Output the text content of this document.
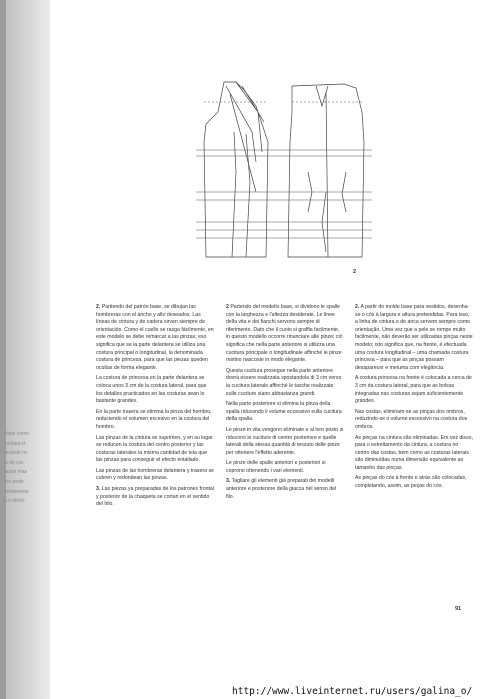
clitas como
contura d-
resante no
ia do cor-
rases mas
ere pode
antalmente
a o efeito
2

2. Partiendo del patrón base, se dibujan las hombreras con el ancho y alto deseados. Las líneas de cintura y de cadera sirven siempre de orientación. Como el cuello se rasga fácilmente, en este modelo se debe remarcar a las pinzas; eso significa que se la parte delantera se utiliza una costura principal o longitudinal, la denominada costura de princesa, para que las piezas queden ocultas de forma elegante.

La costura de princesa en la parte delantera se coloca unos 3 cm de la costura lateral, para que los detalles practicados en las costuras sean lo bastante grandes.

En la parte trasera se elimina la pinza del hombro, reduciendo el volumen excesivo en la costura del hombro.

Las pinzas de la cintura se suprimen, y en su lugar se reducen la costura del centro posterior y las costuras laterales la misma cantidad de tela que las pinzas para conseguir el efecto entallado.

Las pinzas de las hombreras delantera y trasera se cubren y redondean las pinzas.

3. Las piezas ya preparadas de los patrones frontal y posterior de la chaqueta se cortan en el sentido del hilo.

2 Partendo del modello base, si dividono le spalle con la larghezza e l'altezza desiderate. Le linee della vita e dei fianchi servono sempre di riferimento. Dato che il cuoio si graffia facilmente, in questo modello occorre rinunciare alle pinze; ciò significa che nella parte anteriore si utilizza una cucitura principale o longitudinale affinché le pinze restino nascoste in modo elegante.

Questa cucitura prosegue nella parte anteriore dovrà essere realizzata spostandola di 3 cm verso la cucitura laterale affinché le tasche realizzate sulle cuciture siano abbastanza grandi.

Nella parte posteriore si elimina la pinza della spalla riducendo il volume eccessivo sulla cucitura della spalla.

Le pinze in vita vengono eliminate e al loro posto si riducono le cuciture di centro posteriore e quelle laterali della stessa quantità di tessuto delle pinze per ottenere l'effetto aderente.

Le pinze delle spalle anteriori e posteriori si coprono ottenendo i vari elementi.

3. Tagliare gli elementi già preparati dei modelli anteriore e posteriore della giacca nel senso del filo.

2. A partir do molde base para vestidos, desenha-se o cós à largura e altura pretendidas. Para isso, a linha de cintura e de anca servem sempre como orientação. Uma vez que a pele se rompe muito facilmente, não deverão ser utilizadas pinças neste modelo; isto significa que, na frente, é efectuada uma costura longitudinal – uma chamada costura princesa – para que as pinças possam desaparecer e meiuma com elegância.

A costura princesa na frente é colocada a cerca de 3 cm da costura lateral, para que as bolsas integradas nas costuras sejam suficientemente grandes.

Nas costas, eliminam-se as pinças dos ombros, reduzindo-se o volume excessivo na costura dos ombros.

As pinças na cintura são eliminadas. Em vez disso, para o estreitamento da cintura, a costura no centro das costas, bem como as costuras laterais são diminuídas numa dimensão equivalente ao tamanho das pinças.

As pinças do cós à frente e atrás são colocadas, completando, assim, as peças do cós.

91
http://www.liveinternet.ru/users/galina_o/
